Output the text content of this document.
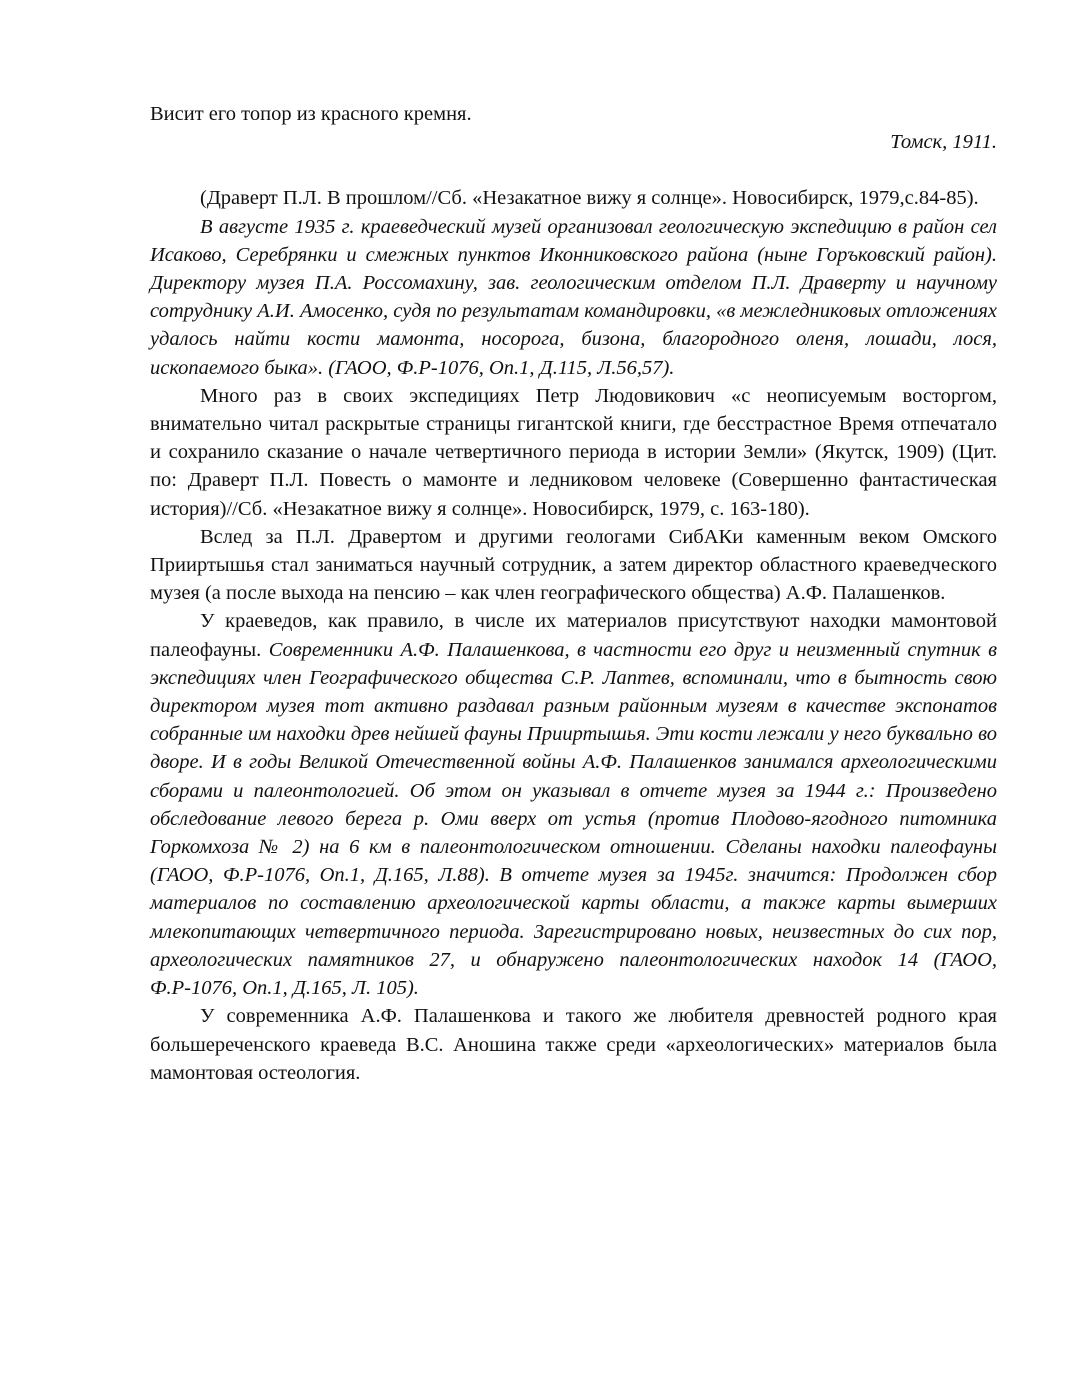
Висит его топор из красного кремня.

Томск, 1911.

(Драверт П.Л. В прошлом//Сб. «Незакатное вижу я солнце». Новосибирск, 1979,с.84-85).

В августе 1935 г. краеведческий музей организовал геологическую экспедицию в район сел Исаково, Серебрянки и смежных пунктов Иконниковского района (ныне Горъковский район). Директору музея П.А. Россомахину, зав. геологическим отделом П.Л. Драверту и научному сотруднику А.И. Амосенко, судя по результатам командировки, «в межледниковых отложениях удалось найти кости мамонта, носорога, бизона, благородного оленя, лошади, лося, ископаемого быка». (ГАОО, Ф.Р-1076, Оп.1, Д.115, Л.56,57).

Много раз в своих экспедициях Петр Людовикович «с неописуемым восторгом, внимательно читал раскрытые страницы гигантской книги, где бесстрастное Время отпечатало и сохранило сказание о начале четвертичного периода в истории Земли» (Якутск, 1909) (Цит. по: Драверт П.Л. Повесть о мамонте и ледниковом человеке (Совершенно фантастическая история)//Сб. «Незакатное вижу я солнце». Новосибирск, 1979, с. 163-180).

Вслед за П.Л. Дравертом и другими геологами СибАКи каменным веком Омского Прииртышья стал заниматься научный сотрудник, а затем директор областного краеведческого музея (а после выхода на пенсию – как член географического общества) А.Ф. Палашенков.

У краеведов, как правило, в числе их материалов присутствуют находки мамонтовой палеофауны. Современники А.Ф. Палашенкова, в частности его друг и неизменный спутник в экспедициях член Географического общества С.Р. Лаптев, вспоминали, что в бытность свою директором музея тот активно раздавал разным районным музеям в качестве экспонатов собранные им находки древ нейшей фауны Прииртышья. Эти кости лежали у него буквально во дворе. И в годы Великой Отечественной войны А.Ф. Палашенков занимался археологическими сборами и палеонтологией. Об этом он указывал в отчете музея за 1944 г.: Произведено обследование левого берега р. Оми вверх от устья (против Плодово-ягодного питомника Горкомхоза № 2) на 6 км в палеонтологическом отношении. Сделаны находки палеофауны (ГАОО, Ф.Р-1076, Оп.1, Д.165, Л.88). В отчете музея за 1945г. значится: Продолжен сбор материалов по составлению археологической карты области, а также карты вымерших млекопитающих четвертичного периода. Зарегистрировано новых, неизвестных до сих пор, археологических памятников 27, и обнаружено палеонтологических находок 14 (ГАОО, Ф.Р-1076, Оп.1, Д.165, Л. 105).

У современника А.Ф. Палашенкова и такого же любителя древностей родного края большереченского краеведа В.С. Аношина также среди «археологических» материалов была мамонтовая остеология.
